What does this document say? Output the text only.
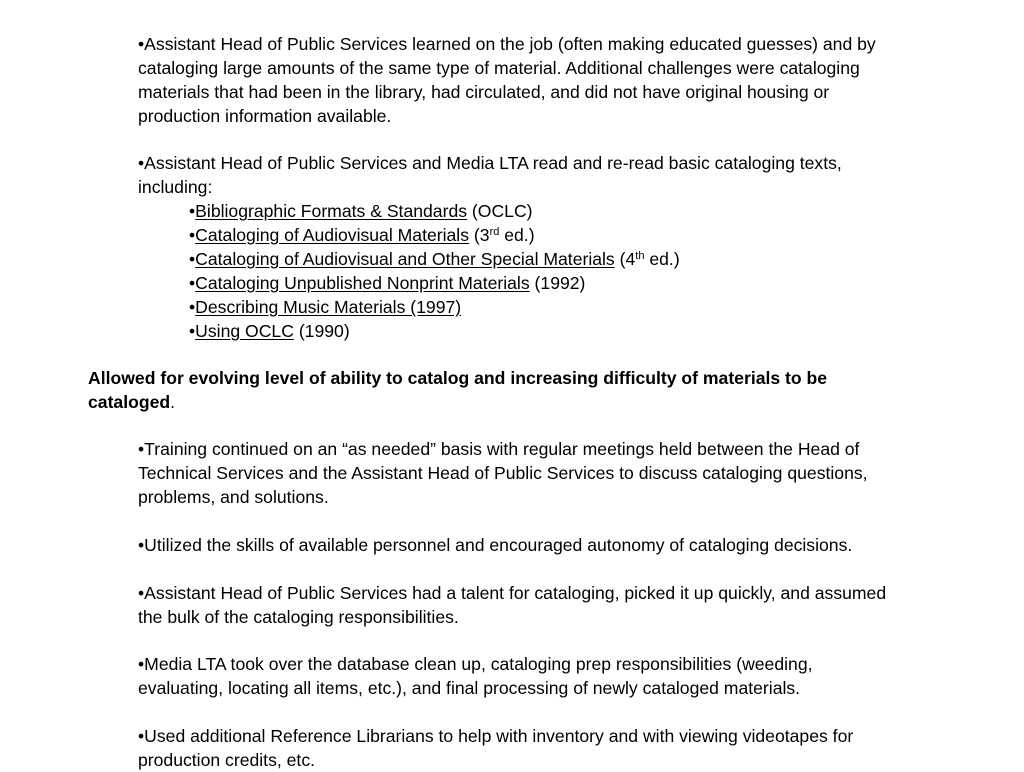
•Assistant Head of Public Services learned on the job (often making educated guesses) and by
cataloging large amounts of the same type of material. Additional challenges were cataloging
materials that had been in the library, had circulated, and did not have original housing or
production information available.
•Assistant Head of Public Services and Media LTA read and re-read basic cataloging texts,
including:
•Bibliographic Formats & Standards (OCLC)
•Cataloging of Audiovisual Materials (3rd ed.)
•Cataloging of Audiovisual and Other Special Materials (4th ed.)
•Cataloging Unpublished Nonprint Materials (1992)
•Describing Music Materials (1997)
•Using OCLC (1990)
Allowed for evolving level of ability to catalog and increasing difficulty of materials to be
cataloged.
•Training continued on an “as needed” basis with regular meetings held between the Head of
Technical Services and the Assistant Head of Public Services to discuss cataloging questions,
problems, and solutions.
•Utilized the skills of available personnel and encouraged autonomy of cataloging decisions.
•Assistant Head of Public Services had a talent for cataloging, picked it up quickly, and assumed
the bulk of the cataloging responsibilities.
•Media LTA took over the database clean up, cataloging prep responsibilities (weeding,
evaluating, locating all items, etc.), and final processing of newly cataloged materials.
•Used additional Reference Librarians to help with inventory and with viewing videotapes for
production credits, etc.
